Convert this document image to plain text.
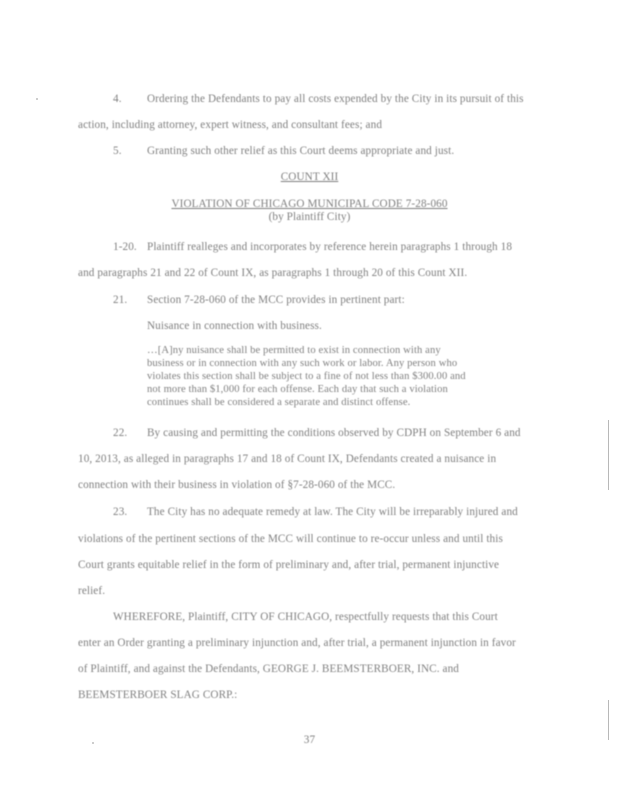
4. Ordering the Defendants to pay all costs expended by the City in its pursuit of this
action, including attorney, expert witness, and consultant fees; and
5. Granting such other relief as this Court deems appropriate and just.
COUNT XII
VIOLATION OF CHICAGO MUNICIPAL CODE 7-28-060
(by Plaintiff City)
1-20. Plaintiff realleges and incorporates by reference herein paragraphs 1 through 18
and paragraphs 21 and 22 of Count IX, as paragraphs 1 through 20 of this Count XII.
21. Section 7-28-060 of the MCC provides in pertinent part:
Nuisance in connection with business.
…[A]ny nuisance shall be permitted to exist in connection with any
business or in connection with any such work or labor. Any person who
violates this section shall be subject to a fine of not less than $300.00 and
not more than $1,000 for each offense. Each day that such a violation
continues shall be considered a separate and distinct offense.
22. By causing and permitting the conditions observed by CDPH on September 6 and
10, 2013, as alleged in paragraphs 17 and 18 of Count IX, Defendants created a nuisance in
connection with their business in violation of §7-28-060 of the MCC.
23. The City has no adequate remedy at law. The City will be irreparably injured and
violations of the pertinent sections of the MCC will continue to re-occur unless and until this
Court grants equitable relief in the form of preliminary and, after trial, permanent injunctive
relief.
WHEREFORE, Plaintiff, CITY OF CHICAGO, respectfully requests that this Court
enter an Order granting a preliminary injunction and, after trial, a permanent injunction in favor
of Plaintiff, and against the Defendants, GEORGE J. BEEMSTERBOER, INC. and
BEEMSTERBOER SLAG CORP.:
37
